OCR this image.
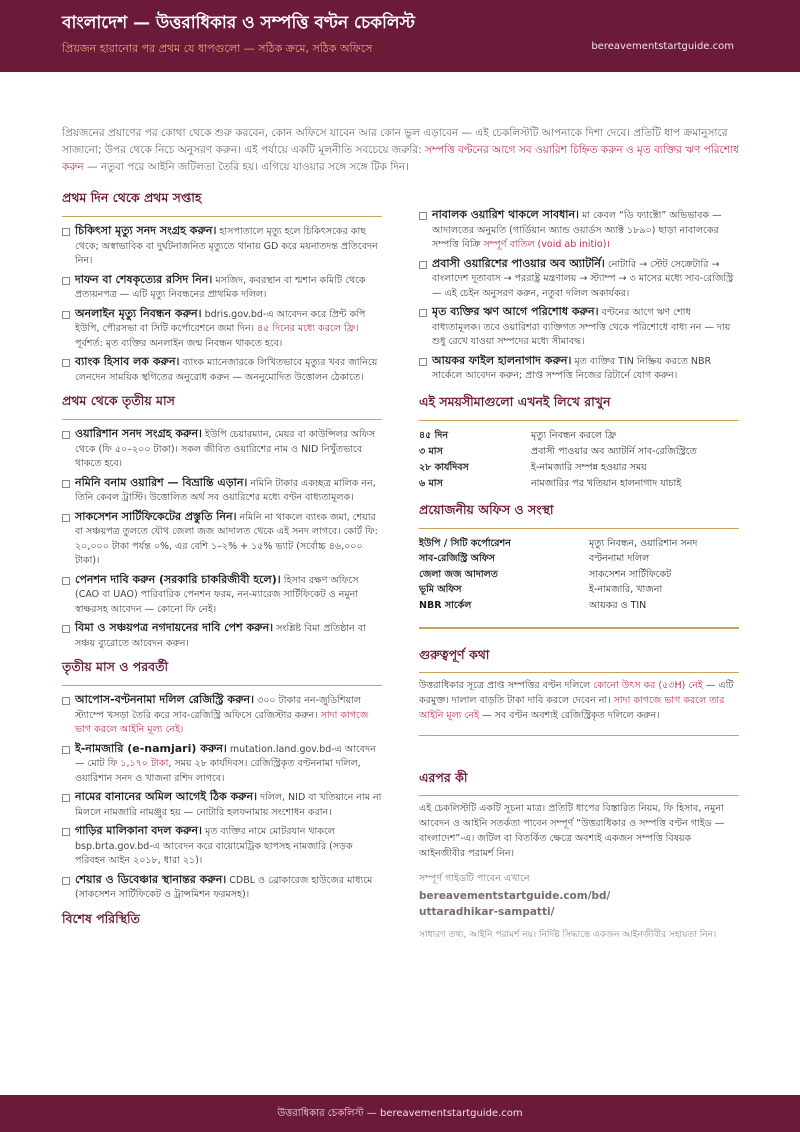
বাংলাদেশ — উত্তরাধিকার ও সম্পত্তি বণ্টন চেকলিস্ট
প্রিয়জন হারানোর পর প্রথম যে ধাপগুলো — সঠিক ক্রমে, সঠিক অফিসে	bereavementstartguide.com
প্রিয়জনের প্রয়াণের পর কোথা থেকে শুরু করবেন, কোন অফিসে যাবেন আর কোন ভুল এড়াবেন — এই চেকলিস্টটি আপনাকে দিশা দেবে। প্রতিটি ধাপ ক্রমানুসারে সাজানো; উপর থেকে নিচে অনুসরণ করুন। এই পর্যায়ে একটি মূলনীতি সবচেয়ে জরুরি: সম্পত্তি বণ্টনের আগে সব ওয়ারিশ চিহ্নিত করুন ও মৃত ব্যক্তির ঋণ পরিশোধ করুন — নতুবা পরে আইনি জটিলতা তৈরি হয়। এগিয়ে যাওয়ার সঙ্গে সঙ্গে টিক দিন।
প্রথম দিন থেকে প্রথম সপ্তাহ
চিকিৎসা মৃত্যু সনদ সংগ্রহ করুন। হাসপাতালে মৃত্যু হলে চিকিৎসকের কাছ থেকে; অস্বাভাবিক বা দুর্ঘটনাজনিত মৃত্যুতে থানায় GD করে ময়নাতদন্ত প্রতিবেদন নিন।
দাফন বা শেষকৃত্যের রসিদ নিন। মসজিদ, কবরস্থান বা শ্মশান কমিটি থেকে প্রত্যয়নপত্র — এটি মৃত্যু নিবন্ধনের প্রাথমিক দলিল।
অনলাইন মৃত্যু নিবন্ধন করুন। bdris.gov.bd-এ আবেদন করে প্রিন্ট কপি ইউপি, পৌরসভা বা সিটি কর্পোরেশনে জমা দিন। ৪৫ দিনের মধ্যে করলে ফ্রি। পূর্বশর্ত: মৃত ব্যক্তির অনলাইন জন্ম নিবন্ধন থাকতে হবে।
ব্যাংক হিসাব লক করুন। ব্যাংক ম্যানেজারকে লিখিতভাবে মৃত্যুর খবর জানিয়ে লেনদেন সাময়িক স্থগিতের অনুরোধ করুন — অননুমোদিত উত্তোলন ঠেকাতে।
প্রথম থেকে তৃতীয় মাস
ওয়ারিশান সনদ সংগ্রহ করুন। ইউপি চেয়ারম্যান, মেয়র বা কাউন্সিলর অফিস থেকে (ফি ৫০–২০০ টাকা)। সকল জীবিত ওয়ারিশের নাম ও NID নিখুঁতভাবে থাকতে হবে।
নমিনি বনাম ওয়ারিশ — বিভ্রান্তি এড়ান। নমিনি টাকার একচ্ছত্র মালিক নন, তিনি কেবল ট্রাস্টি। উত্তোলিত অর্থ সব ওয়ারিশের মধ্যে বণ্টন বাধ্যতামূলক।
সাকসেশন সার্টিফিকেটের প্রস্তুতি নিন। নমিনি না থাকলে ব্যাংক জমা, শেয়ার বা সঞ্চয়পত্র তুলতে যৌথ জেলা জজ আদালত থেকে এই সনদ লাগবে। কোর্ট ফি: ২০,০০০ টাকা পর্যন্ত ০%, এর বেশি ১–২% + ১৫% ভ্যাট (সর্বোচ্চ ৪৬,০০০ টাকা)।
পেনশন দাবি করুন (সরকারি চাকরিজীবী হলে)। হিসাব রক্ষণ অফিসে (CAO বা UAO) পারিবারিক পেনশন ফরম, নন-ম্যারেজ সার্টিফিকেট ও নমুনা স্বাক্ষরসহ আবেদন — কোনো ফি নেই।
বিমা ও সঞ্চয়পত্র নগদায়নের দাবি পেশ করুন। সংশ্লিষ্ট বিমা প্রতিষ্ঠান বা সঞ্চয় ব্যুরোতে আবেদন করুন।
তৃতীয় মাস ও পরবর্তী
আপোস-বণ্টননামা দলিল রেজিস্ট্রি করুন। ৩০০ টাকার নন-জুডিশিয়াল স্ট্যাম্পে খসড়া তৈরি করে সাব-রেজিস্ট্রি অফিসে রেজিস্টার করুন। সাদা কাগজে ভাগ করলে আইনি মূল্য নেই।
ই-নামজারি (e-namjari) করুন। mutation.land.gov.bd-এ আবেদন — মোট ফি ১,১৭০ টাকা, সময় ২৮ কার্যদিবস। রেজিস্ট্রিকৃত বণ্টননামা দলিল, ওয়ারিশান সনদ ও খাজনা রশিদ লাগবে।
নামের বানানের অমিল আগেই ঠিক করুন। দলিল, NID বা খতিয়ানে নাম না মিললে নামজারি নামঞ্জুর হয় — নোটারি হলফনামায় সংশোধন করান।
গাড়ির মালিকানা বদল করুন। মৃত ব্যক্তির নামে মোটরযান থাকলে bsp.brta.gov.bd-এ আবেদন করে বায়োমেট্রিক ছাপসহ নামজারি (সড়ক পরিবহন আইন ২০১৮, ধারা ২১)।
শেয়ার ও ডিবেঞ্চার স্থানান্তর করুন। CDBL ও ব্রোকারেজ হাউজের মাধ্যমে (সাকসেশন সার্টিফিকেট ও ট্রান্সমিশন ফরমসহ)।
বিশেষ পরিস্থিতি
নাবালক ওয়ারিশ থাকলে সাবধান। মা কেবল “ডি ফ্যাক্টো” অভিভাবক — আদালতের অনুমতি (গার্ডিয়ান অ্যান্ড ওয়ার্ডস অ্যাক্ট ১৮৯০) ছাড়া নাবালকের সম্পত্তি বিক্রি সম্পূর্ণ বাতিল (void ab initio)।
প্রবাসী ওয়ারিশের পাওয়ার অব অ্যাটর্নি। নোটারি → স্টেট সেক্রেটারি → বাংলাদেশ দূতাবাস → পররাষ্ট্র মন্ত্রণালয় → স্ট্যাম্প → ৩ মাসের মধ্যে সাব-রেজিস্ট্রি — এই চেইন অনুসরণ করুন, নতুবা দলিল অকার্যকর।
মৃত ব্যক্তির ঋণ আগে পরিশোধ করুন। বণ্টনের আগে ঋণ শোধ বাধ্যতামূলক। তবে ওয়ারিশরা ব্যক্তিগত সম্পত্তি থেকে পরিশোধে বাধ্য নন — দায় শুধু রেখে যাওয়া সম্পদের মধ্যে সীমাবদ্ধ।
আয়কর ফাইল হালনাগাদ করুন। মৃত ব্যক্তির TIN নিষ্ক্রিয় করতে NBR সার্কেলে আবেদন করুন; প্রাপ্ত সম্পত্তি নিজের রিটার্নে যোগ করুন।
এই সময়সীমাগুলো এখনই লিখে রাখুন
৪৫ দিন	মৃত্যু নিবন্ধন করলে ফ্রি
৩ মাস	প্রবাসী পাওয়ার অব অ্যাটর্নি সাব-রেজিস্ট্রিতে
২৮ কার্যদিবস	ই-নামজারি সম্পন্ন হওয়ার সময়
৬ মাস	নামজারির পর খতিয়ান হালনাগাদ যাচাই
প্রয়োজনীয় অফিস ও সংস্থা
ইউপি / সিটি কর্পোরেশন	মৃত্যু নিবন্ধন, ওয়ারিশান সনদ
সাব-রেজিস্ট্রি অফিস	বণ্টননামা দলিল
জেলা জজ আদালত	সাকসেশন সার্টিফিকেট
ভূমি অফিস	ই-নামজারি, খাজনা
NBR সার্কেল	আয়কর ও TIN
গুরুত্বপূর্ণ কথা
উত্তরাধিকার সূত্রে প্রাপ্ত সম্পত্তির বণ্টন দলিলে কোনো উৎস কর (৫৩H) নেই — এটি করমুক্ত। দালাল বাড়তি টাকা দাবি করলে দেবেন না। সাদা কাগজে ভাগ করলে তার আইনি মূল্য নেই — সব বণ্টন অবশ্যই রেজিস্ট্রিকৃত দলিলে করুন।
এরপর কী
এই চেকলিস্টটি একটি সূচনা মাত্র। প্রতিটি ধাপের বিস্তারিত নিয়ম, ফি হিসাব, নমুনা আবেদন ও আইনি সতর্কতা পাবেন সম্পূর্ণ “উত্তরাধিকার ও সম্পত্তি বণ্টন গাইড — বাংলাদেশ”-এ। জটিল বা বিতর্কিত ক্ষেত্রে অবশ্যই একজন সম্পত্তি বিষয়ক আইনজীবীর পরামর্শ নিন।
সম্পূর্ণ গাইডটি পাবেন এখানে
bereavementstartguide.com/bd/
uttaradhikar-sampatti/
সাধারণ তথ্য, আইনি পরামর্শ নয়। নির্দিষ্ট সিদ্ধান্তে একজন আইনজীবীর সহায়তা নিন।
উত্তরাধিকার চেকলিস্ট — bereavementstartguide.com
